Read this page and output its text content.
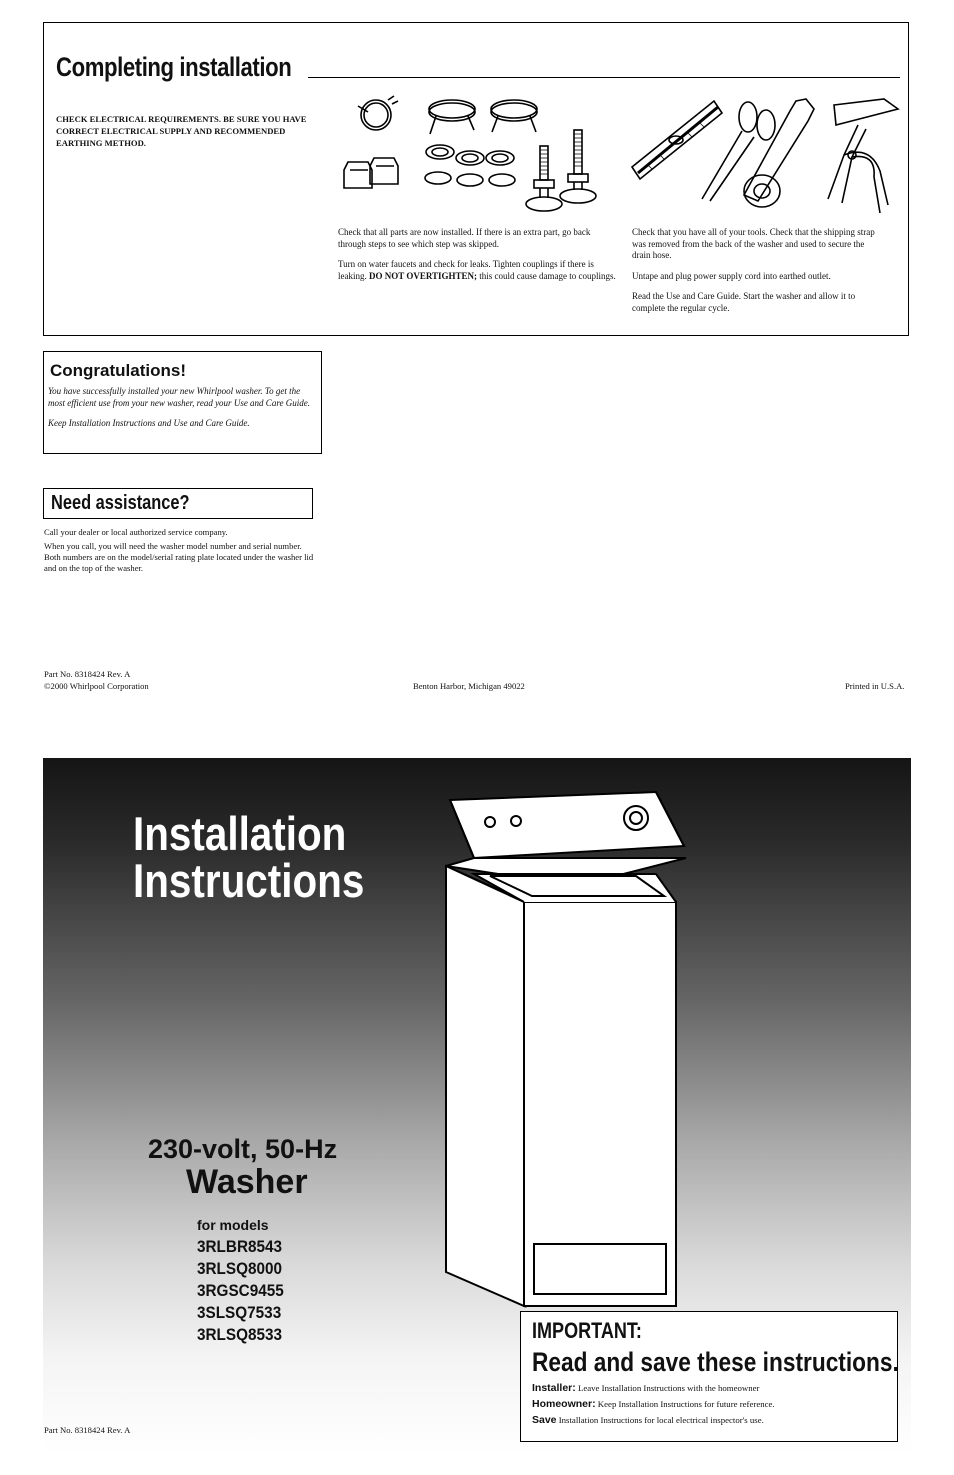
Completing installation
CHECK ELECTRICAL REQUIREMENTS. BE SURE YOU HAVE CORRECT ELECTRICAL SUPPLY AND RECOMMENDED EARTHING METHOD.

Check that all parts are now installed. If there is an extra part, go back through steps to see which step was skipped.

Turn on water faucets and check for leaks. Tighten couplings if there is leaking. DO NOT OVERTIGHTEN; this could cause damage to couplings.

Check that you have all of your tools. Check that the shipping strap was removed from the back of the washer and used to secure the drain hose.

Untape and plug power supply cord into earthed outlet.

Read the Use and Care Guide. Start the washer and allow it to complete the regular cycle.

Congratulations!

You have successfully installed your new Whirlpool washer. To get the most efficient use from your new washer, read your Use and Care Guide.

Keep Installation Instructions and Use and Care Guide.

Need assistance?

Call your dealer or local authorized service company.

When you call, you will need the washer model number and serial number. Both numbers are on the model/serial rating plate located under the washer lid and on the top of the washer.

Part No. 8318424 Rev. A
©2000 Whirlpool Corporation	Benton Harbor, Michigan 49022	Printed in U.S.A.
Installation
Instructions
230-volt, 50-Hz
Washer
for models
3RLBR8543
3RLSQ8000
3RGSC9455
3SLSQ7533
3RLSQ8533	IMPORTANT:
Read and save these instructions.
Installer: Leave Installation Instructions with the homeowner
Homeowner: Keep Installation Instructions for future reference.
Save Installation Instructions for local electrical inspector's use.
Part No. 8318424 Rev. A
